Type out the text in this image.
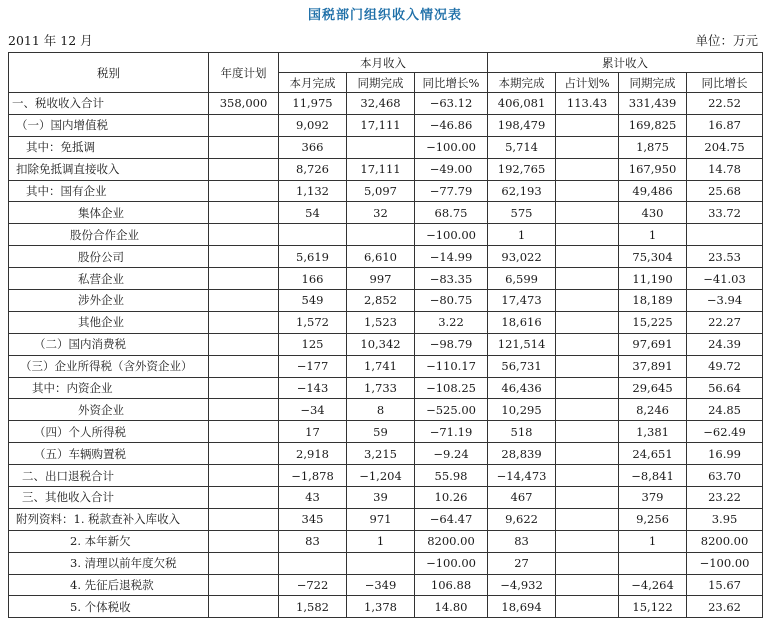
国税部门组织收入情况表
2011 年 12 月	单位：万元
税别	年度计划	本月收入			累计收入			
		本月完成	同期完成	同比增长%	本期完成	占计划%	同期完成	同比增长
一、税收收入合计	358,000	11,975	32,468	−63.12	406,081	113.43	331,439	22.52
（一）国内增值税		9,092	17,111	−46.86	198,479		169,825	16.87
其中：免抵调		366		−100.00	5,714		1,875	204.75
扣除免抵调直接收入		8,726	17,111	−49.00	192,765		167,950	14.78
其中：国有企业		1,132	5,097	−77.79	62,193		49,486	25.68
集体企业		54	32	68.75	575		430	33.72
股份合作企业				−100.00	1		1	
股份公司		5,619	6,610	−14.99	93,022		75,304	23.53
私营企业		166	997	−83.35	6,599		11,190	−41.03
涉外企业		549	2,852	−80.75	17,473		18,189	−3.94
其他企业		1,572	1,523	3.22	18,616		15,225	22.27
（二）国内消费税		125	10,342	−98.79	121,514		97,691	24.39
（三）企业所得税（含外资企业）		−177	1,741	−110.17	56,731		37,891	49.72
其中：内资企业		−143	1,733	−108.25	46,436		29,645	56.64
外资企业		−34	8	−525.00	10,295		8,246	24.85
（四）个人所得税		17	59	−71.19	518		1,381	−62.49
（五）车辆购置税		2,918	3,215	−9.24	28,839		24,651	16.99
二、出口退税合计		−1,878	−1,204	55.98	−14,473		−8,841	63.70
三、其他收入合计		43	39	10.26	467		379	23.22
附列资料：1. 税款查补入库收入		345	971	−64.47	9,622		9,256	3.95
2. 本年新欠		83	1	8200.00	83		1	8200.00
3. 清理以前年度欠税				−100.00	27			−100.00
4. 先征后退税款		−722	−349	106.88	−4,932		−4,264	15.67
5. 个体税收		1,582	1,378	14.80	18,694		15,122	23.62
